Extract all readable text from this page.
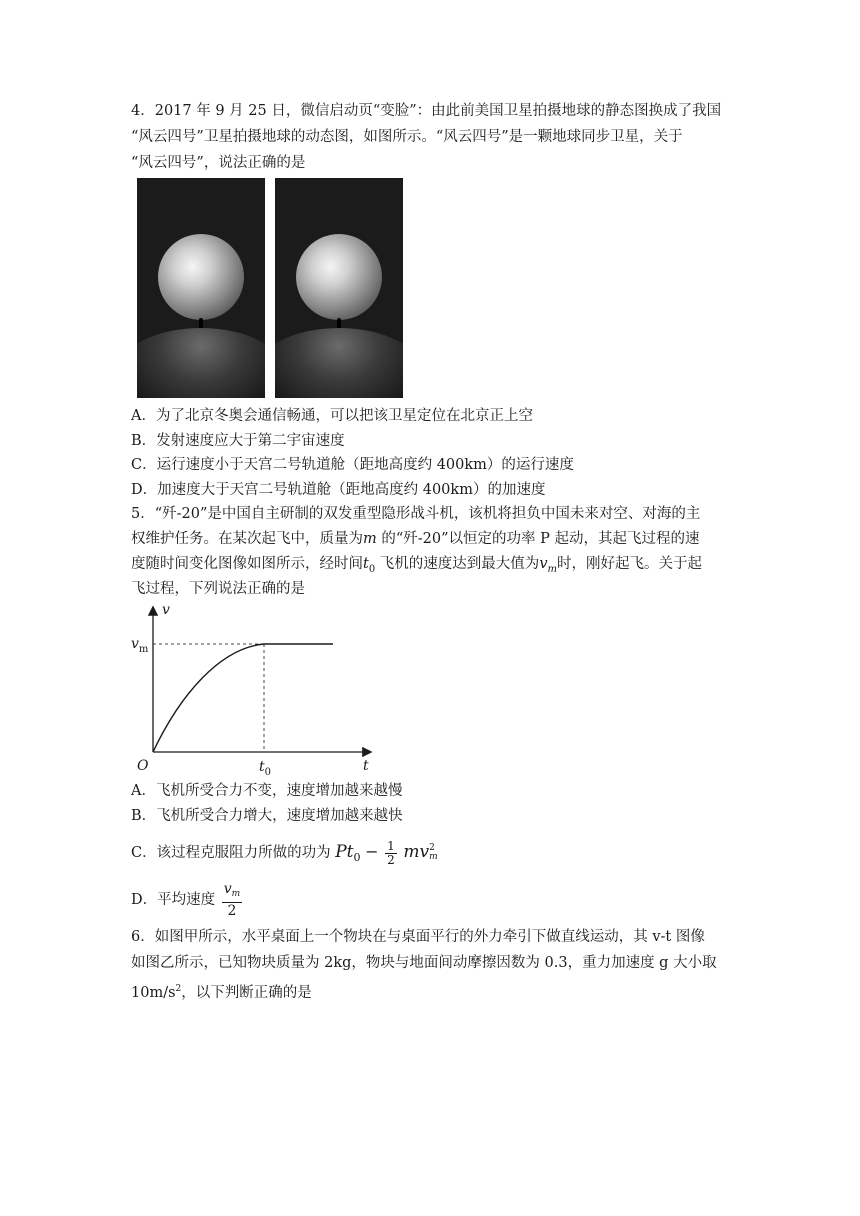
4．2017 年 9 月 25 日，微信启动页“变脸”：由此前美国卫星拍摄地球的静态图换成了我国
“风云四号”卫星拍摄地球的动态图，如图所示。“风云四号”是一颗地球同步卫星，关于
“风云四号”，说法正确的是
A．为了北京冬奥会通信畅通，可以把该卫星定位在北京正上空
B．发射速度应大于第二宇宙速度
C．运行速度小于天宫二号轨道舱（距地高度约 400km）的运行速度
D．加速度大于天宫二号轨道舱（距地高度约 400km）的加速度
5．“歼-20”是中国自主研制的双发重型隐形战斗机，该机将担负中国未来对空、对海的主
权维护任务。在某次起飞中，质量为m 的“歼-20”以恒定的功率 P 起动，其起飞过程的速
度随时间变化图像如图所示，经时间$t_0$ 飞机的速度达到最大值为$v_m$时，刚好起飞。关于起
飞过程，下列说法正确的是
v
$v_m$
O	$t_0$	t
A．飞机所受合力不变，速度增加越来越慢
B．飞机所受合力增大，速度增加越来越快
C．该过程克服阻力所做的功为 $Pt_0 - \frac{1}{2}$ mv 2
m
D．平均速度 $\frac{v_m}{2}$
6．如图甲所示，水平桌面上一个物块在与桌面平行的外力牵引下做直线运动，其 v-t 图像
如图乙所示，已知物块质量为 2kg，物块与地面间动摩擦因数为 0.3，重力加速度 g 大小取
$10m/s^2$，以下判断正确的是
